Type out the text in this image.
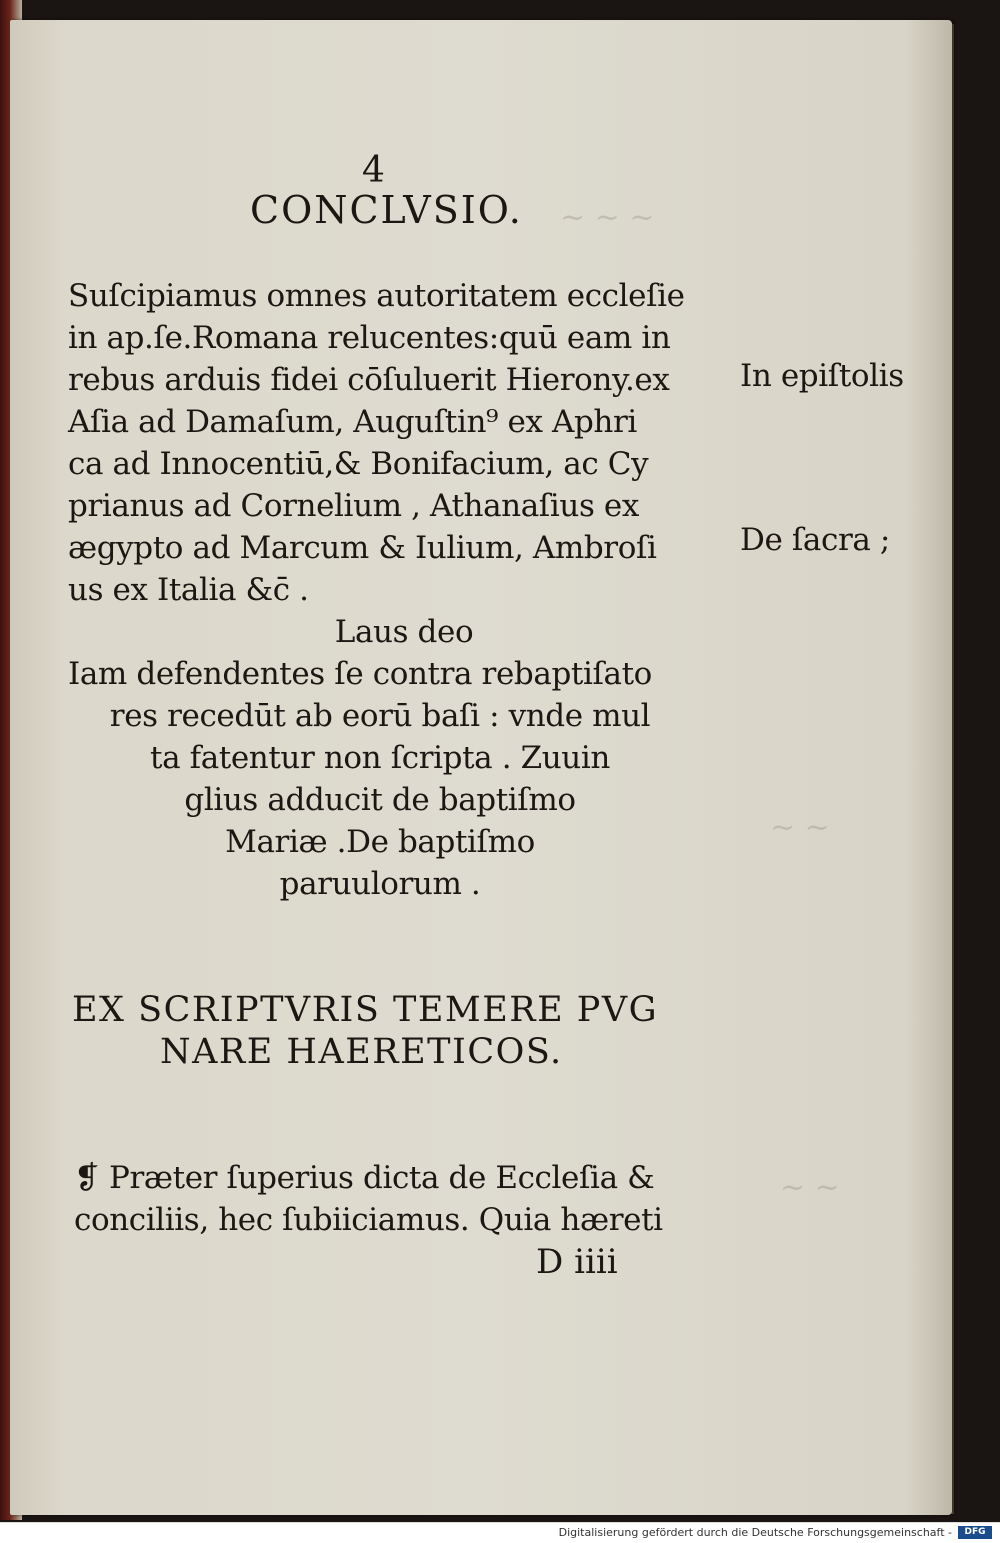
~ ~ ~
~ ~
~ ~
4
CONCLVSIO.
Suſcipiamus omnes autoritatem eccleſie
in ap.ſe.Romana relucentes:quū eam in
rebus arduis fidei cōſuluerit Hierony.ex
Aſia ad Damaſum, Auguſtin⁹ ex Aphri
ca ad Innocentiū,& Bonifacium, ac Cy
prianus ad Cornelium , Athanaſius ex
ægypto ad Marcum & Iulium, Ambroſi
us ex Italia &c̄ .
In epiſtolis
De ſacra ;
Laus deo
Iam defendentes ſe contra rebaptiſato
res recedūt ab eorū baſi : vnde mul
ta fatentur non ſcripta . Zuuin
glius adducit de baptiſmo
Mariæ .De baptiſmo
paruulorum .
EX SCRIPTVRIS TEMERE PVG
NARE HAERETICOS.
❡ Præter ſuperius dicta de Eccleſia &
conciliis, hec ſubiiciamus. Quia hæreti
D iiii
Digitalisierung gefördert durch die Deutsche Forschungsgemeinschaft -	DFG
